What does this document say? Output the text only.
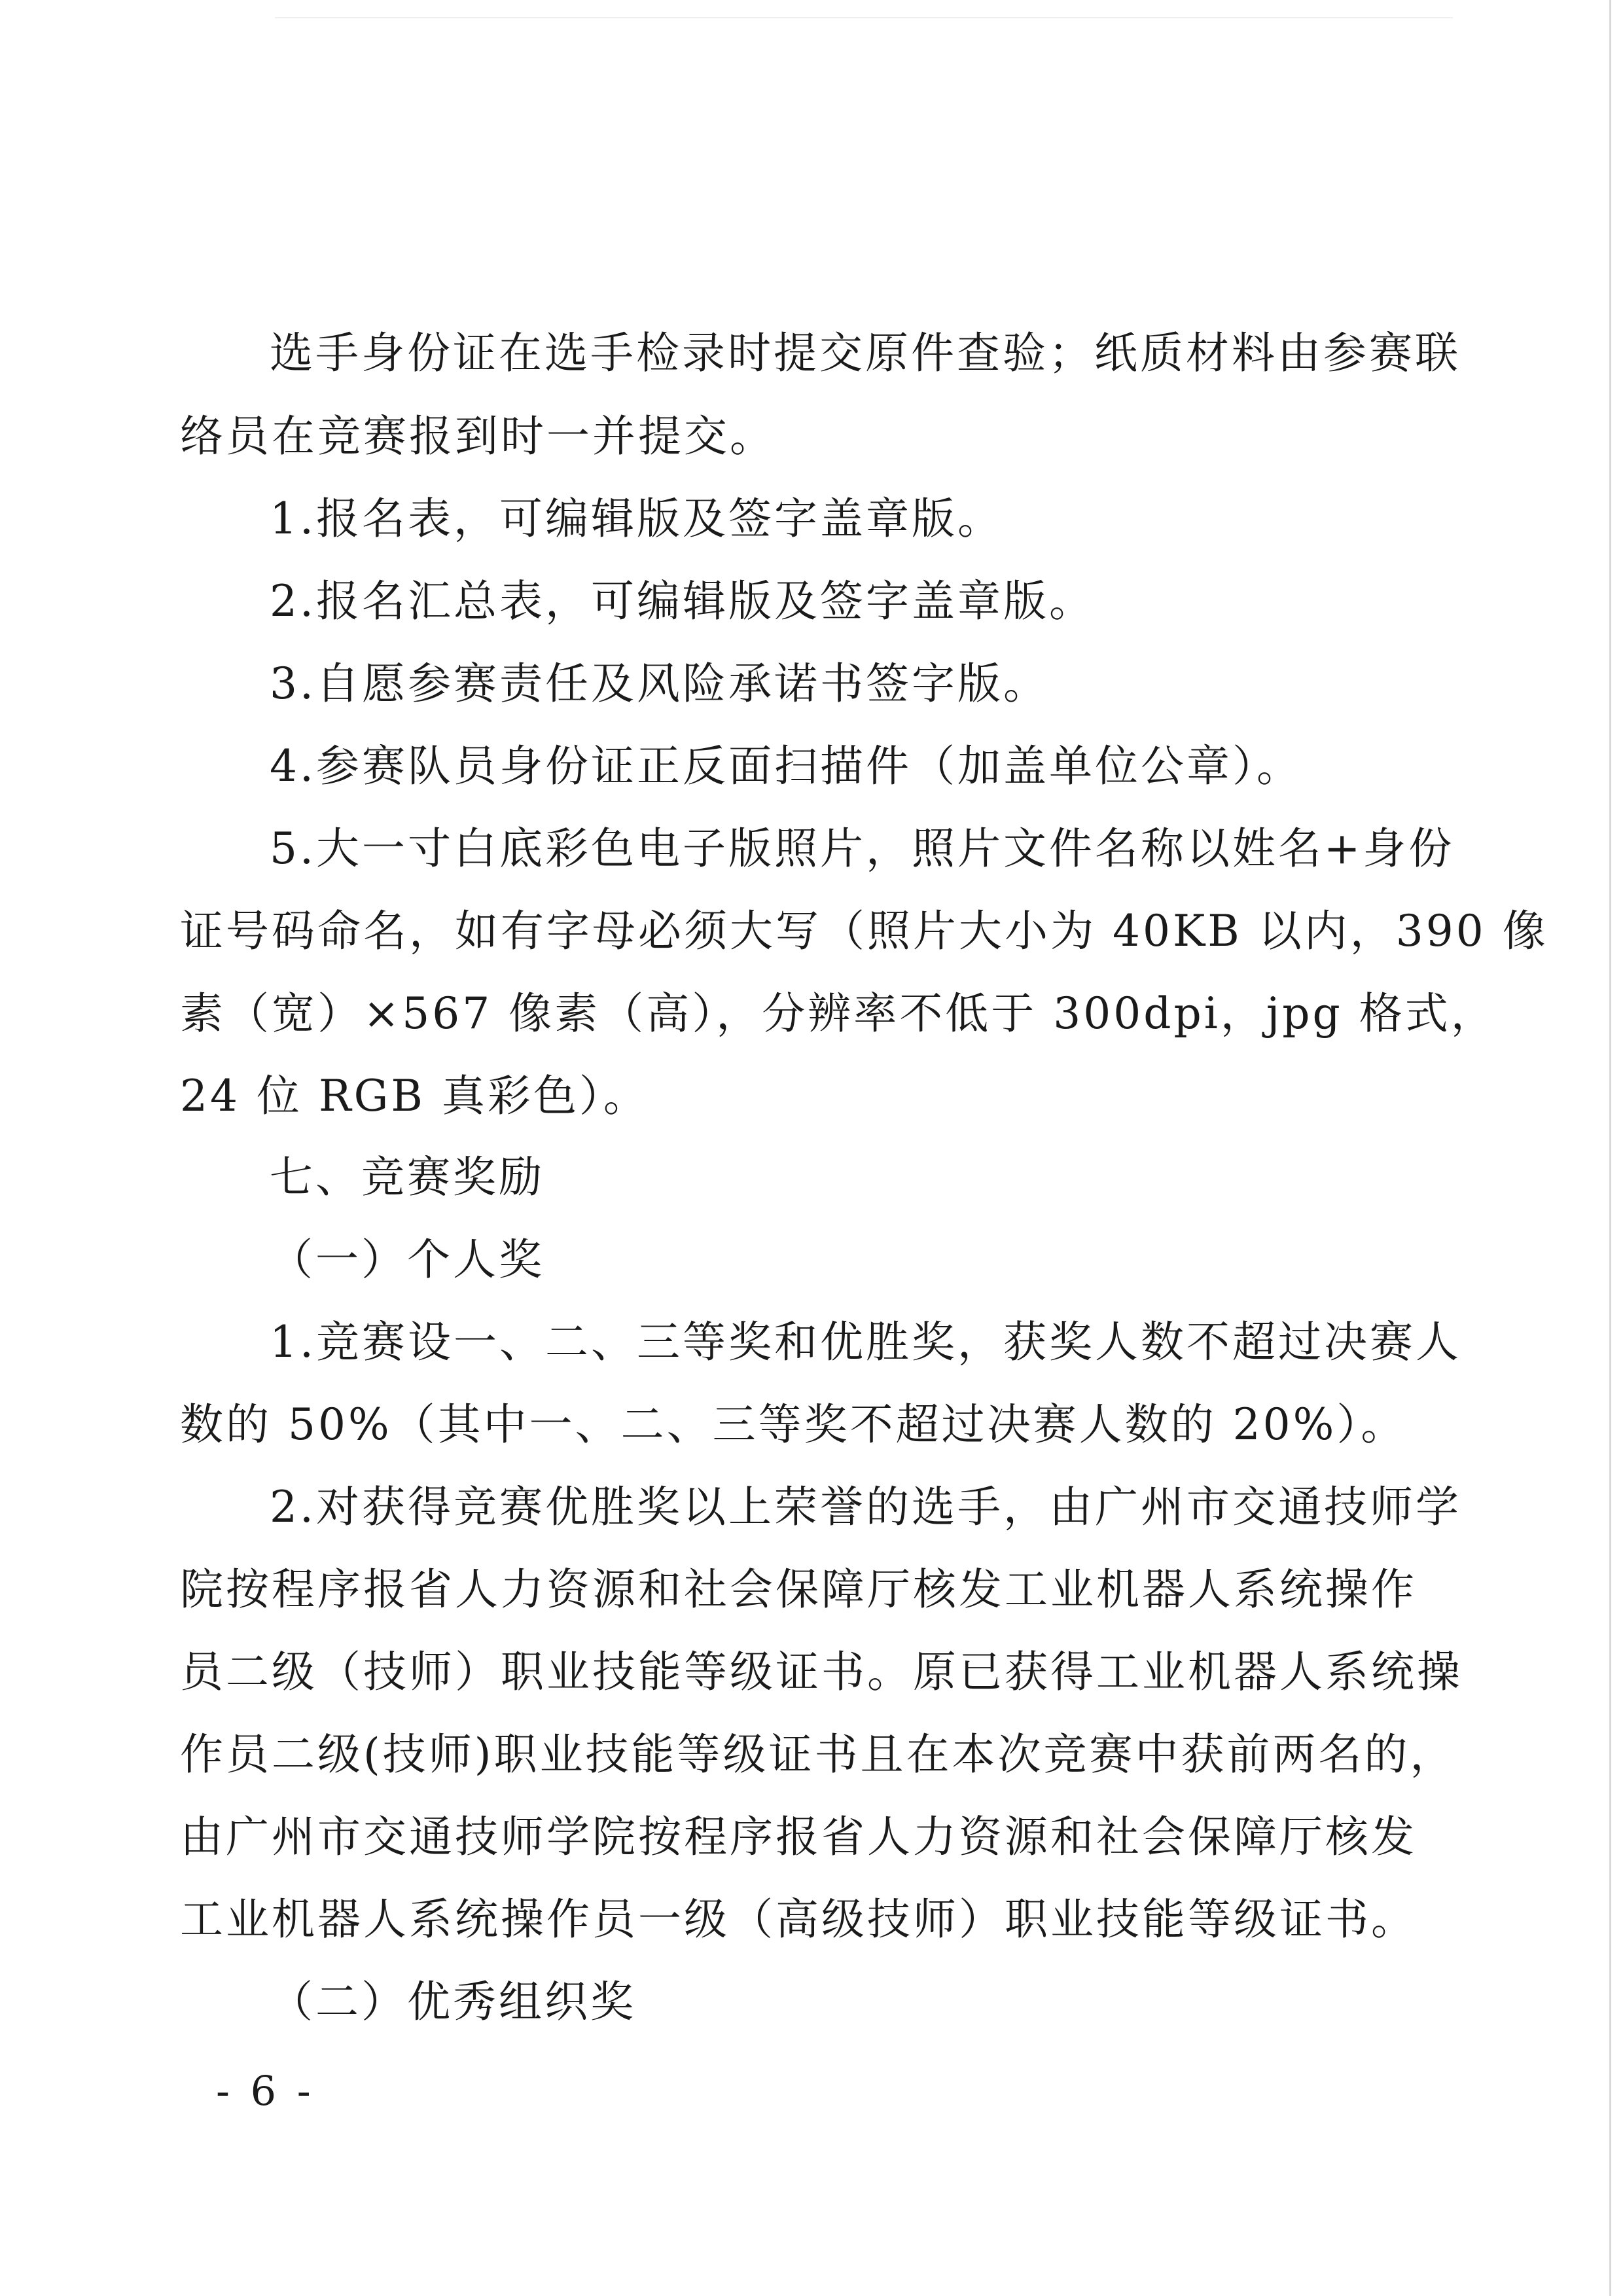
选手身份证在选手检录时提交原件查验；纸质材料由参赛联
络员在竞赛报到时一并提交。
1.报名表，可编辑版及签字盖章版。
2.报名汇总表，可编辑版及签字盖章版。
3.自愿参赛责任及风险承诺书签字版。
4.参赛队员身份证正反面扫描件（加盖单位公章）。
5.大一寸白底彩色电子版照片，照片文件名称以姓名+身份
证号码命名，如有字母必须大写（照片大小为 40KB 以内，390 像
素（宽）×567 像素（高），分辨率不低于 300dpi，jpg 格式，
24 位 RGB 真彩色）。
七、竞赛奖励
（一）个人奖
1.竞赛设一、二、三等奖和优胜奖，获奖人数不超过决赛人
数的 50%（其中一、二、三等奖不超过决赛人数的 20%）。
2.对获得竞赛优胜奖以上荣誉的选手，由广州市交通技师学
院按程序报省人力资源和社会保障厅核发工业机器人系统操作
员二级（技师）职业技能等级证书。原已获得工业机器人系统操
作员二级(技师)职业技能等级证书且在本次竞赛中获前两名的，
由广州市交通技师学院按程序报省人力资源和社会保障厅核发
工业机器人系统操作员一级（高级技师）职业技能等级证书。
（二）优秀组织奖
- 6 -
